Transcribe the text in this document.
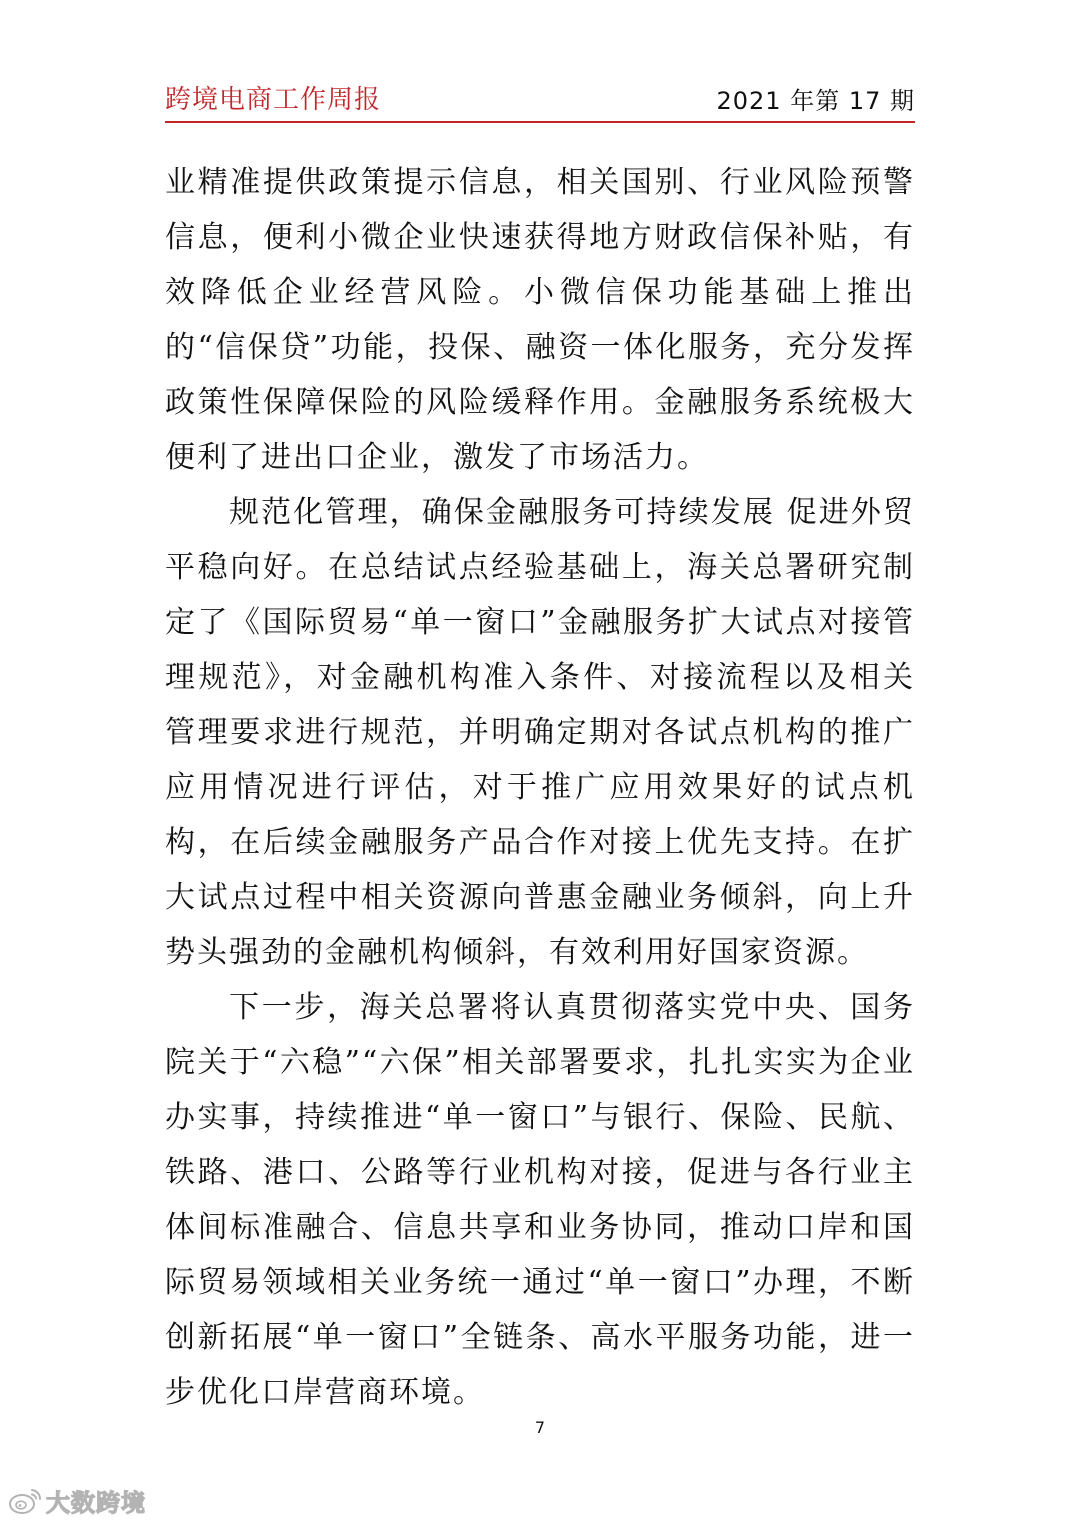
跨境电商工作周报	2021 年第 17 期

业精准提供政策提示信息，相关国别、行业风险预警信息，便利小微企业快速获得地方财政信保补贴，有效降低企业经营风险。小微信保功能基础上推出的“信保贷”功能，投保、融资一体化服务，充分发挥政策性保障保险的风险缓释作用。金融服务系统极大便利了进出口企业，激发了市场活力。

规范化管理，确保金融服务可持续发展 促进外贸平稳向好。在总结试点经验基础上，海关总署研究制定了《国际贸易“单一窗口”金融服务扩大试点对接管理规范》，对金融机构准入条件、对接流程以及相关管理要求进行规范，并明确定期对各试点机构的推广应用情况进行评估，对于推广应用效果好的试点机构，在后续金融服务产品合作对接上优先支持。在扩大试点过程中相关资源向普惠金融业务倾斜，向上升势头强劲的金融机构倾斜，有效利用好国家资源。

下一步，海关总署将认真贯彻落实党中央、国务院关于“六稳”“六保”相关部署要求，扎扎实实为企业办实事，持续推进“单一窗口”与银行、保险、民航、铁路、港口、公路等行业机构对接，促进与各行业主体间标准融合、信息共享和业务协同，推动口岸和国际贸易领域相关业务统一通过“单一窗口”办理，不断创新拓展“单一窗口”全链条、高水平服务功能，进一步优化口岸营商环境。

7
大数跨境
